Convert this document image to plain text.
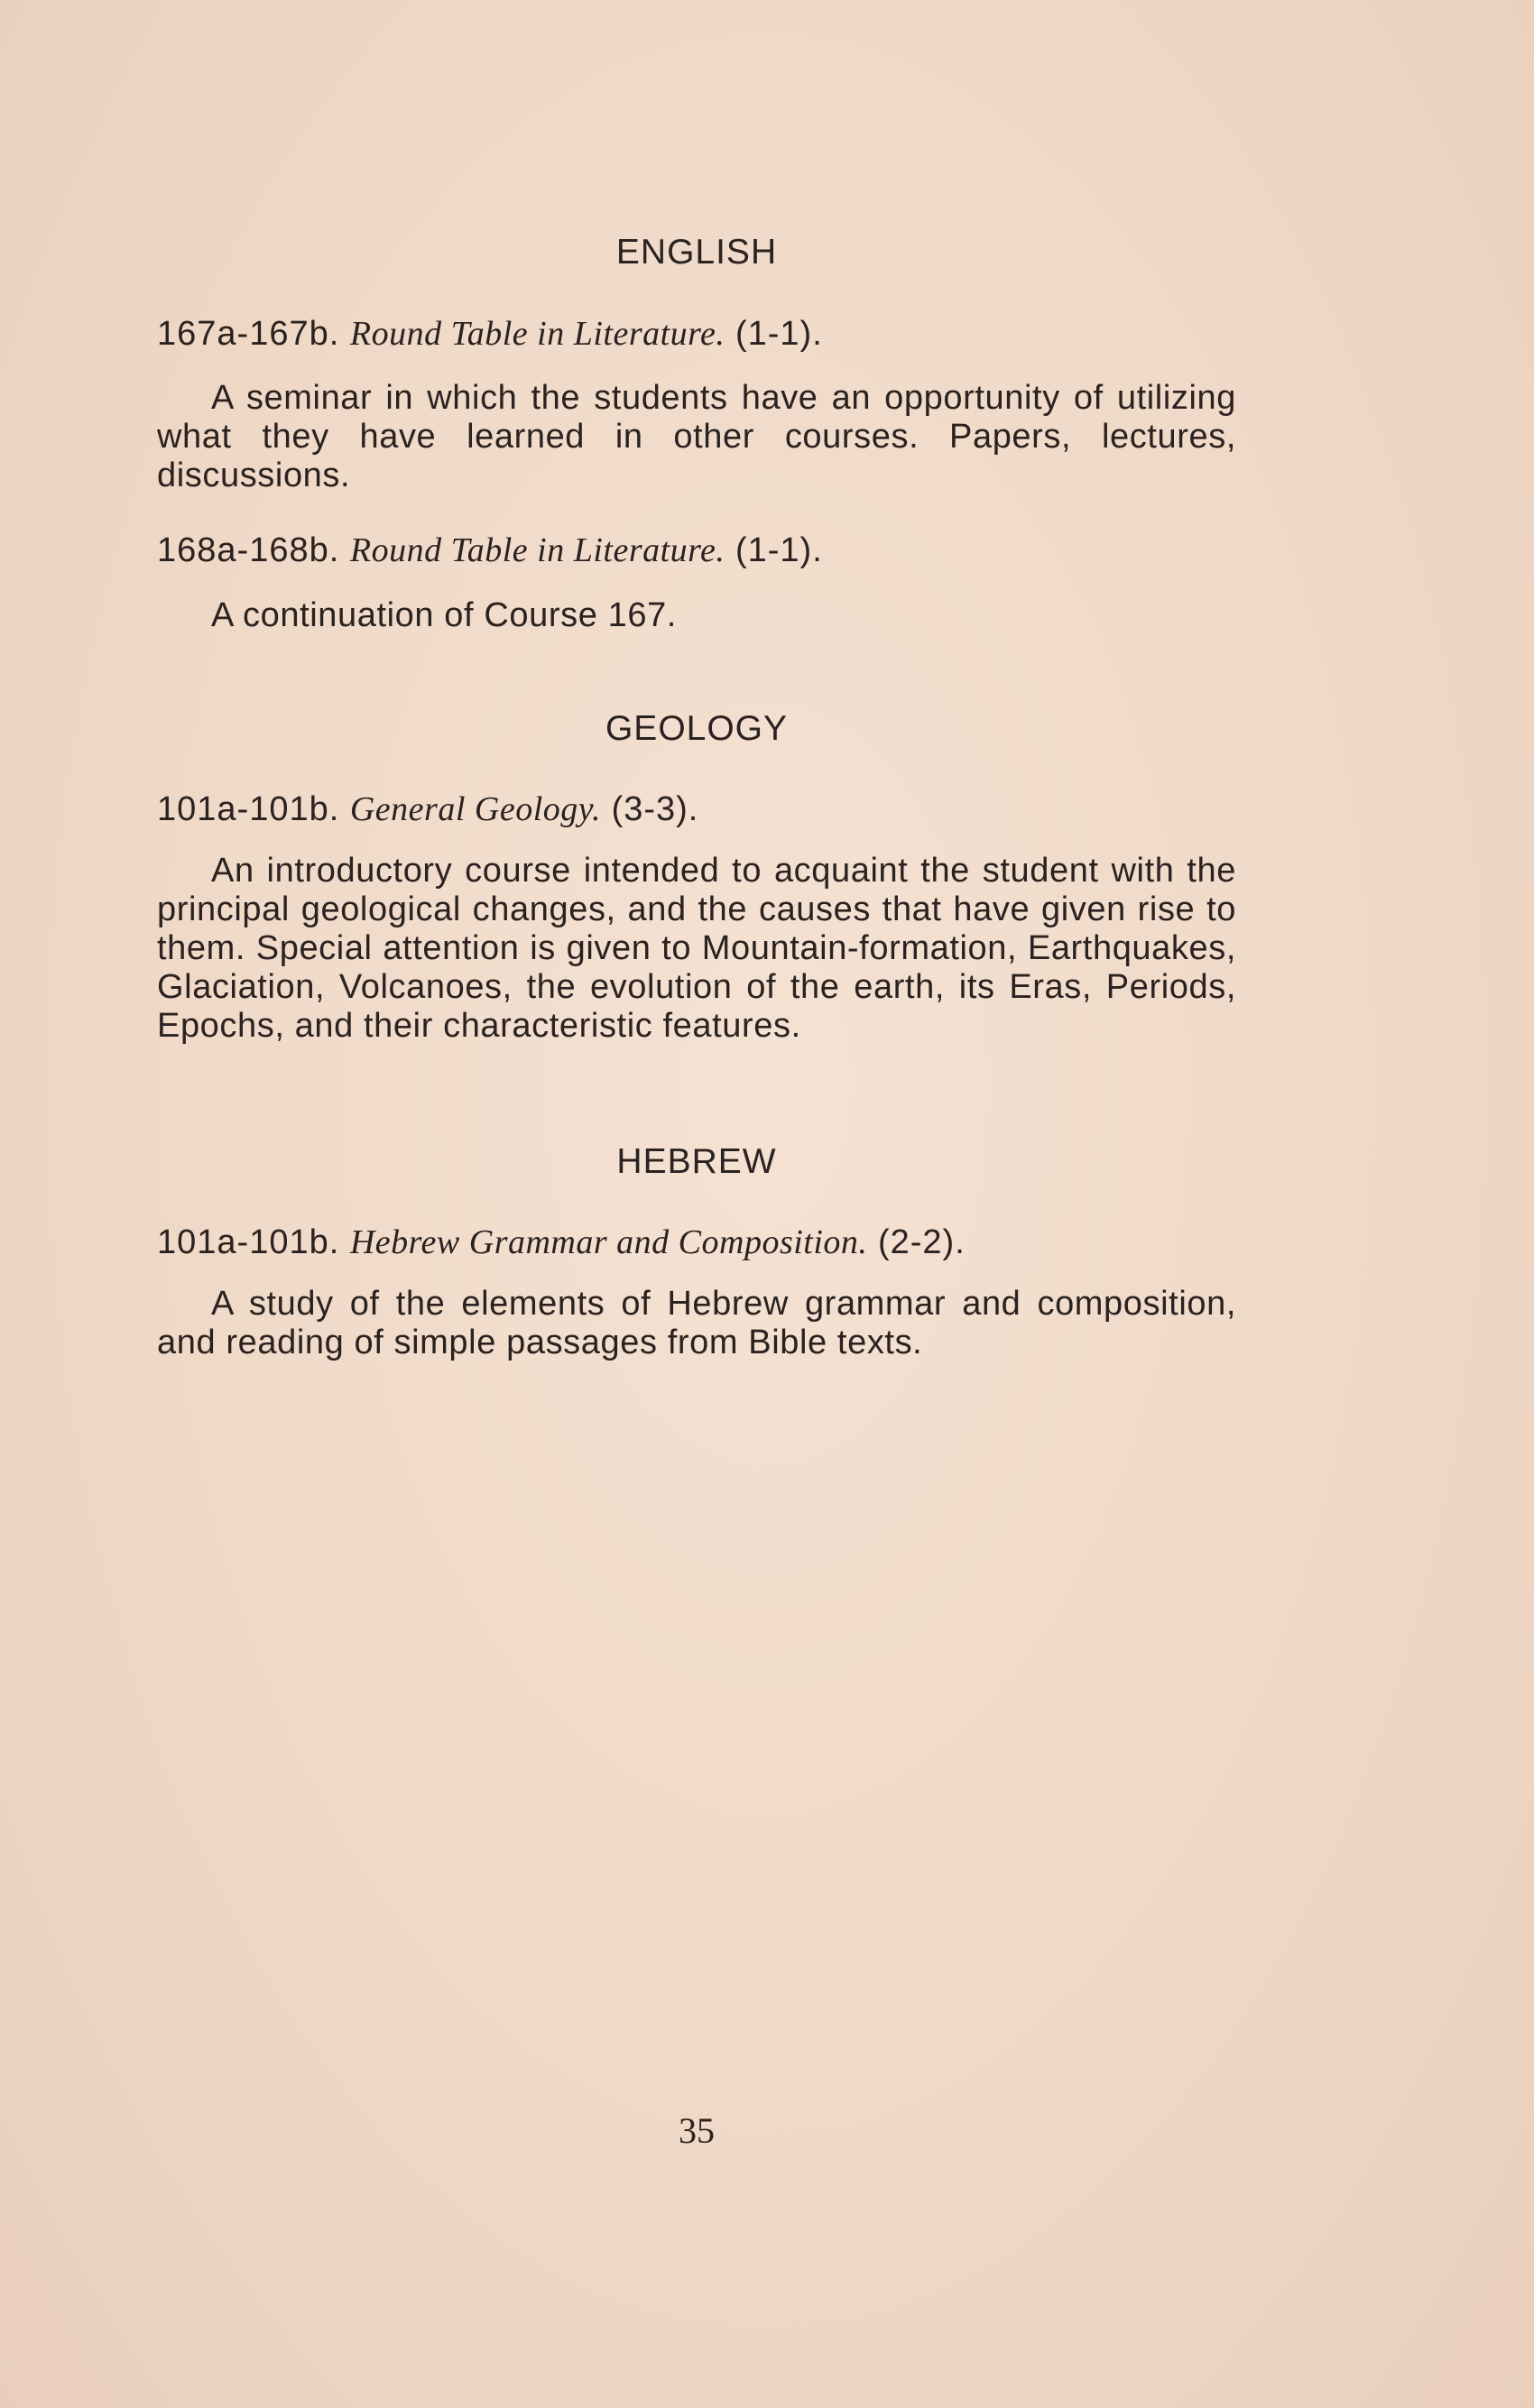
ENGLISH
167a-167b. Round Table in Literature. (1-1).

A seminar in which the students have an opportunity of utilizing what they have learned in other courses. Papers, lectures, discussions.

168a-168b. Round Table in Literature. (1-1).

A continuation of Course 167.

GEOLOGY
101a-101b. General Geology. (3-3).

An introductory course intended to acquaint the student with the principal geological changes, and the causes that have given rise to them. Special attention is given to Mountain-formation, Earthquakes, Glaciation, Volcanoes, the evolution of the earth, its Eras, Periods, Epochs, and their characteristic features.

HEBREW
101a-101b. Hebrew Grammar and Composition. (2-2).

A study of the elements of Hebrew grammar and composition, and reading of simple passages from Bible texts.

35
